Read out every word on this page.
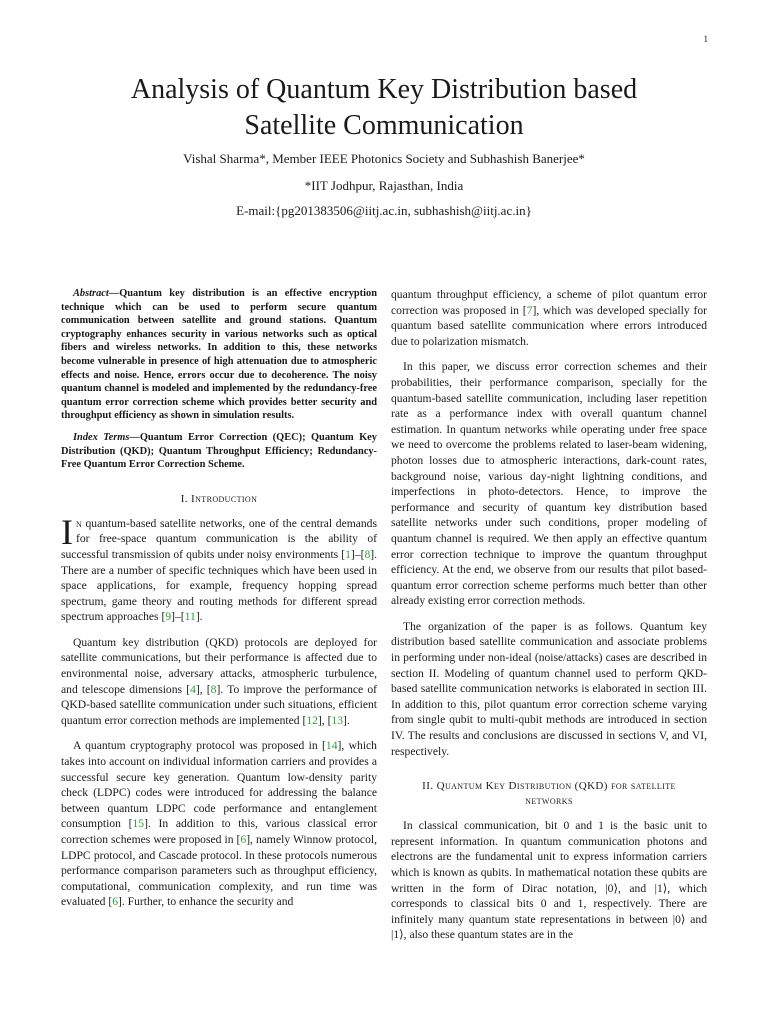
1
Analysis of Quantum Key Distribution based
Satellite Communication
Vishal Sharma*, Member IEEE Photonics Society and Subhashish Banerjee*
*IIT Jodhpur, Rajasthan, India
E-mail:{pg201383506@iitj.ac.in, subhashish@iitj.ac.in}

Abstract—Quantum key distribution is an effective encryption technique which can be used to perform secure quantum communication between satellite and ground stations. Quantum cryptography enhances security in various networks such as optical fibers and wireless networks. In addition to this, these networks become vulnerable in presence of high attenuation due to atmospheric effects and noise. Hence, errors occur due to decoherence. The noisy quantum channel is modeled and implemented by the redundancy-free quantum error correction scheme which provides better security and throughput efficiency as shown in simulation results.

Index Terms—Quantum Error Correction (QEC); Quantum Key Distribution (QKD); Quantum Throughput Efficiency; Redundancy-Free Quantum Error Correction Scheme.

I. Introduction

In quantum-based satellite networks, one of the central demands for free-space quantum communication is the ability of successful transmission of qubits under noisy environments [1]–[8]. There are a number of specific techniques which have been used in space applications, for example, frequency hopping spread spectrum, game theory and routing methods for different spread spectrum approaches [9]–[11].

Quantum key distribution (QKD) protocols are deployed for satellite communications, but their performance is affected due to environmental noise, adversary attacks, atmospheric turbulence, and telescope dimensions [4], [8]. To improve the performance of QKD-based satellite communication under such situations, efficient quantum error correction methods are implemented [12], [13].

A quantum cryptography protocol was proposed in [14], which takes into account on individual information carriers and provides a successful secure key generation. Quantum low-density parity check (LDPC) codes were introduced for addressing the balance between quantum LDPC code performance and entanglement consumption [15]. In addition to this, various classical error correction schemes were proposed in [6], namely Winnow protocol, LDPC protocol, and Cascade protocol. In these protocols numerous performance comparison parameters such as throughput efficiency, computational, communication complexity, and run time was evaluated [6]. Further, to enhance the security and

quantum throughput efficiency, a scheme of pilot quantum error correction was proposed in [7], which was developed specially for quantum based satellite communication where errors introduced due to polarization mismatch.

In this paper, we discuss error correction schemes and their probabilities, their performance comparison, specially for the quantum-based satellite communication, including laser repetition rate as a performance index with overall quantum channel estimation. In quantum networks while operating under free space we need to overcome the problems related to laser-beam widening, photon losses due to atmospheric interactions, dark-count rates, background noise, various day-night lightning conditions, and imperfections in photo-detectors. Hence, to improve the performance and security of quantum key distribution based satellite networks under such conditions, proper modeling of quantum channel is required. We then apply an effective quantum error correction technique to improve the quantum throughput efficiency. At the end, we observe from our results that pilot based-quantum error correction scheme performs much better than other already existing error correction methods.

The organization of the paper is as follows. Quantum key distribution based satellite communication and associate problems in performing under non-ideal (noise/attacks) cases are described in section II. Modeling of quantum channel used to perform QKD-based satellite communication networks is elaborated in section III. In addition to this, pilot quantum error correction scheme varying from single qubit to multi-qubit methods are introduced in section IV. The results and conclusions are discussed in sections V, and VI, respectively.

II. Quantum Key Distribution (QKD) for satellite
networks

In classical communication, bit 0 and 1 is the basic unit to represent information. In quantum communication photons and electrons are the fundamental unit to express information carriers which is known as qubits. In mathematical notation these qubits are written in the form of Dirac notation, |0⟩, and |1⟩, which corresponds to classical bits 0 and 1, respectively. There are infinitely many quantum state representations in between |0⟩ and |1⟩, also these quantum states are in the
